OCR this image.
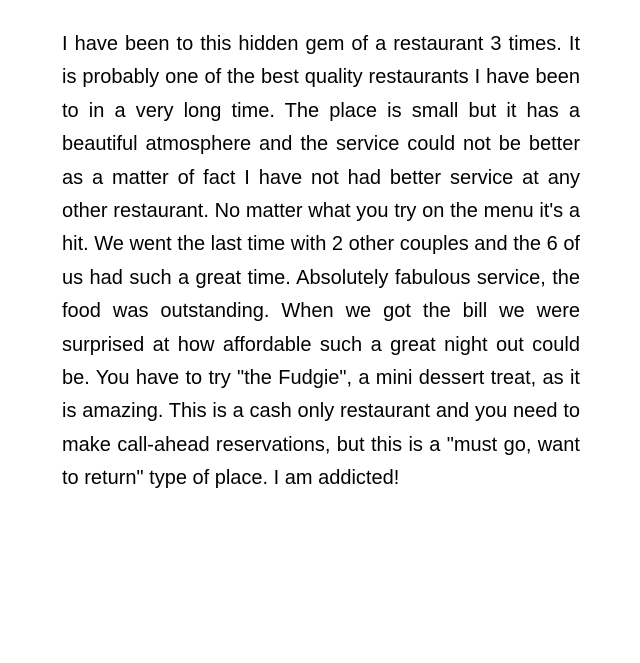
I have been to this hidden gem of a restaurant 3 times. It is probably one of the best quality restaurants I have been to in a very long time. The place is small but it has a beautiful atmosphere and the service could not be better as a matter of fact I have not had better service at any other restaurant. No matter what you try on the menu it's a hit. We went the last time with 2 other couples and the 6 of us had such a great time. Absolutely fabulous service, the food was outstanding. When we got the bill we were surprised at how affordable such a great night out could be. You have to try "the Fudgie", a mini dessert treat, as it is amazing. This is a cash only restaurant and you need to make call-ahead reservations, but this is a "must go, want to return" type of place. I am addicted!
